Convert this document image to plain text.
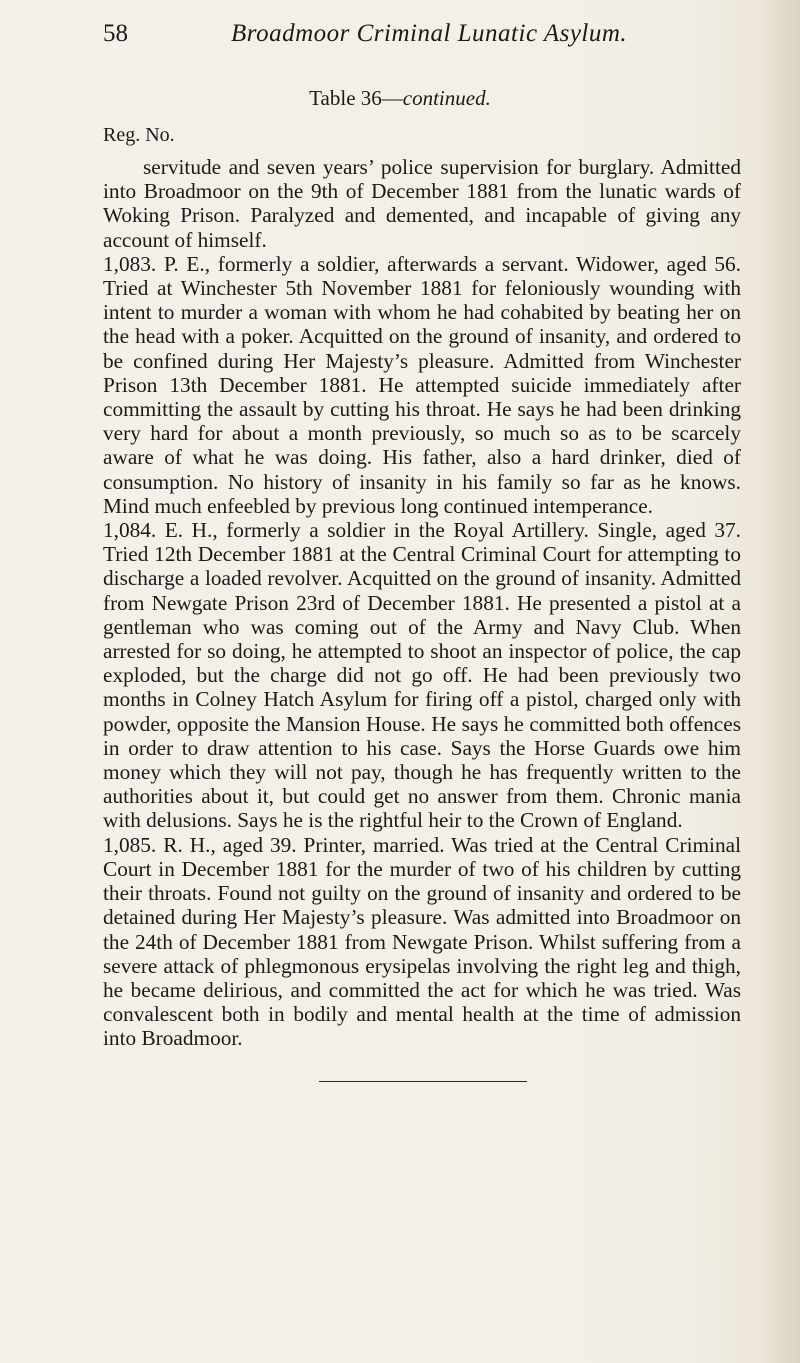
58	Broadmoor Criminal Lunatic Asylum.
Table 36—continued.
Reg. No.

servitude and seven years’ police supervision for burglary. Admitted into Broadmoor on the 9th of December 1881 from the lunatic wards of Woking Prison. Paralyzed and demented, and incapable of giving any account of himself.

1,083. P. E., formerly a soldier, afterwards a servant. Widower, aged 56. Tried at Winchester 5th November 1881 for feloniously wounding with intent to murder a woman with whom he had cohabited by beating her on the head with a poker. Acquitted on the ground of insanity, and ordered to be confined during Her Majesty’s pleasure. Admitted from Winchester Prison 13th December 1881. He attempted suicide immediately after committing the assault by cutting his throat. He says he had been drinking very hard for about a month previously, so much so as to be scarcely aware of what he was doing. His father, also a hard drinker, died of consumption. No history of insanity in his family so far as he knows. Mind much enfeebled by previous long continued intemperance.

1,084. E. H., formerly a soldier in the Royal Artillery. Single, aged 37. Tried 12th December 1881 at the Central Criminal Court for attempting to discharge a loaded revolver. Acquitted on the ground of insanity. Admitted from Newgate Prison 23rd of December 1881. He presented a pistol at a gentleman who was coming out of the Army and Navy Club. When arrested for so doing, he attempted to shoot an inspector of police, the cap exploded, but the charge did not go off. He had been previously two months in Colney Hatch Asylum for firing off a pistol, charged only with powder, opposite the Mansion House. He says he committed both offences in order to draw attention to his case. Says the Horse Guards owe him money which they will not pay, though he has frequently written to the authorities about it, but could get no answer from them. Chronic mania with delusions. Says he is the rightful heir to the Crown of England.

1,085. R. H., aged 39. Printer, married. Was tried at the Central Criminal Court in December 1881 for the murder of two of his children by cutting their throats. Found not guilty on the ground of insanity and ordered to be detained during Her Majesty’s pleasure. Was admitted into Broadmoor on the 24th of December 1881 from Newgate Prison. Whilst suffering from a severe attack of phlegmonous erysipelas involving the right leg and thigh, he became delirious, and committed the act for which he was tried. Was convalescent both in bodily and mental health at the time of admission into Broadmoor.
